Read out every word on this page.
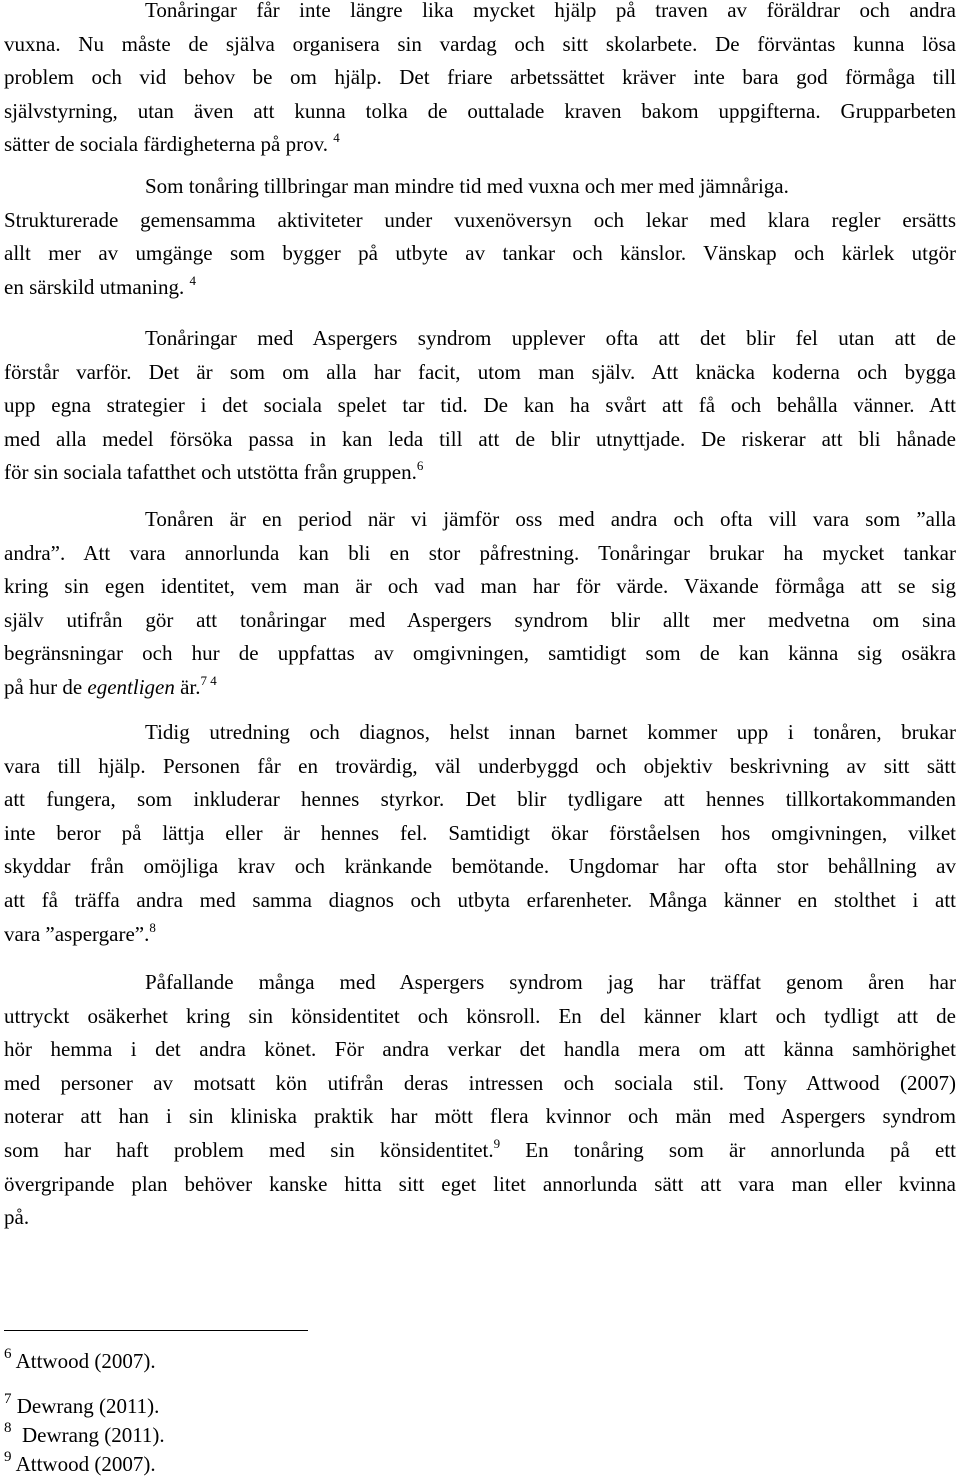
Tonåringar får inte längre lika mycket hjälp på traven av föräldrar och andra
vuxna. Nu måste de själva organisera sin vardag och sitt skolarbete. De förväntas kunna lösa
problem och vid behov be om hjälp. Det friare arbetssättet kräver inte bara god förmåga till
självstyrning, utan även att kunna tolka de outtalade kraven bakom uppgifterna. Grupparbeten
sätter de sociala färdigheterna på prov. $^4$
Som tonåring tillbringar man mindre tid med vuxna och mer med jämnåriga.
Strukturerade gemensamma aktiviteter under vuxenöversyn och lekar med klara regler ersätts
allt mer av umgänge som bygger på utbyte av tankar och känslor. Vänskap och kärlek utgör
en särskild utmaning. $^4$
Tonåringar med Aspergers syndrom upplever ofta att det blir fel utan att de
förstår varför. Det är som om alla har facit, utom man själv. Att knäcka koderna och bygga
upp egna strategier i det sociala spelet tar tid. De kan ha svårt att få och behålla vänner. Att
med alla medel försöka passa in kan leda till att de blir utnyttjade. De riskerar att bli hånade
för sin sociala tafatthet och utstötta från gruppen.$^6$
Tonåren är en period när vi jämför oss med andra och ofta vill vara som ”alla
andra”. Att vara annorlunda kan bli en stor påfrestning. Tonåringar brukar ha mycket tankar
kring sin egen identitet, vem man är och vad man har för värde. Växande förmåga att se sig
själv utifrån gör att tonåringar med Aspergers syndrom blir allt mer medvetna om sina
begränsningar och hur de uppfattas av omgivningen, samtidigt som de kan känna sig osäkra
på hur de egentligen är.$^{7 4}$
Tidig utredning och diagnos, helst innan barnet kommer upp i tonåren, brukar
vara till hjälp. Personen får en trovärdig, väl underbyggd och objektiv beskrivning av sitt sätt
att fungera, som inkluderar hennes styrkor. Det blir tydligare att hennes tillkortakommanden
inte beror på lättja eller är hennes fel. Samtidigt ökar förståelsen hos omgivningen, vilket
skyddar från omöjliga krav och kränkande bemötande. Ungdomar har ofta stor behållning av
att få träffa andra med samma diagnos och utbyta erfarenheter. Många känner en stolthet i att
vara ”aspergare”.$^8$
Påfallande många med Aspergers syndrom jag har träffat genom åren har
uttryckt osäkerhet kring sin könsidentitet och könsroll. En del känner klart och tydligt att de
hör hemma i det andra könet. För andra verkar det handla mera om att känna samhörighet
med personer av motsatt kön utifrån deras intressen och sociala stil. Tony Attwood (2007)
noterar att han i sin kliniska praktik har mött flera kvinnor och män med Aspergers syndrom
som har haft problem med sin könsidentitet.$^9$ En tonåring som är annorlunda på ett
övergripande plan behöver kanske hitta sitt eget litet annorlunda sätt att vara man eller kvinna
på.
$^6$ Attwood (2007).
$^7$ Dewrang (2011).
$^8$  Dewrang (2011).
$^9$ Attwood (2007).
